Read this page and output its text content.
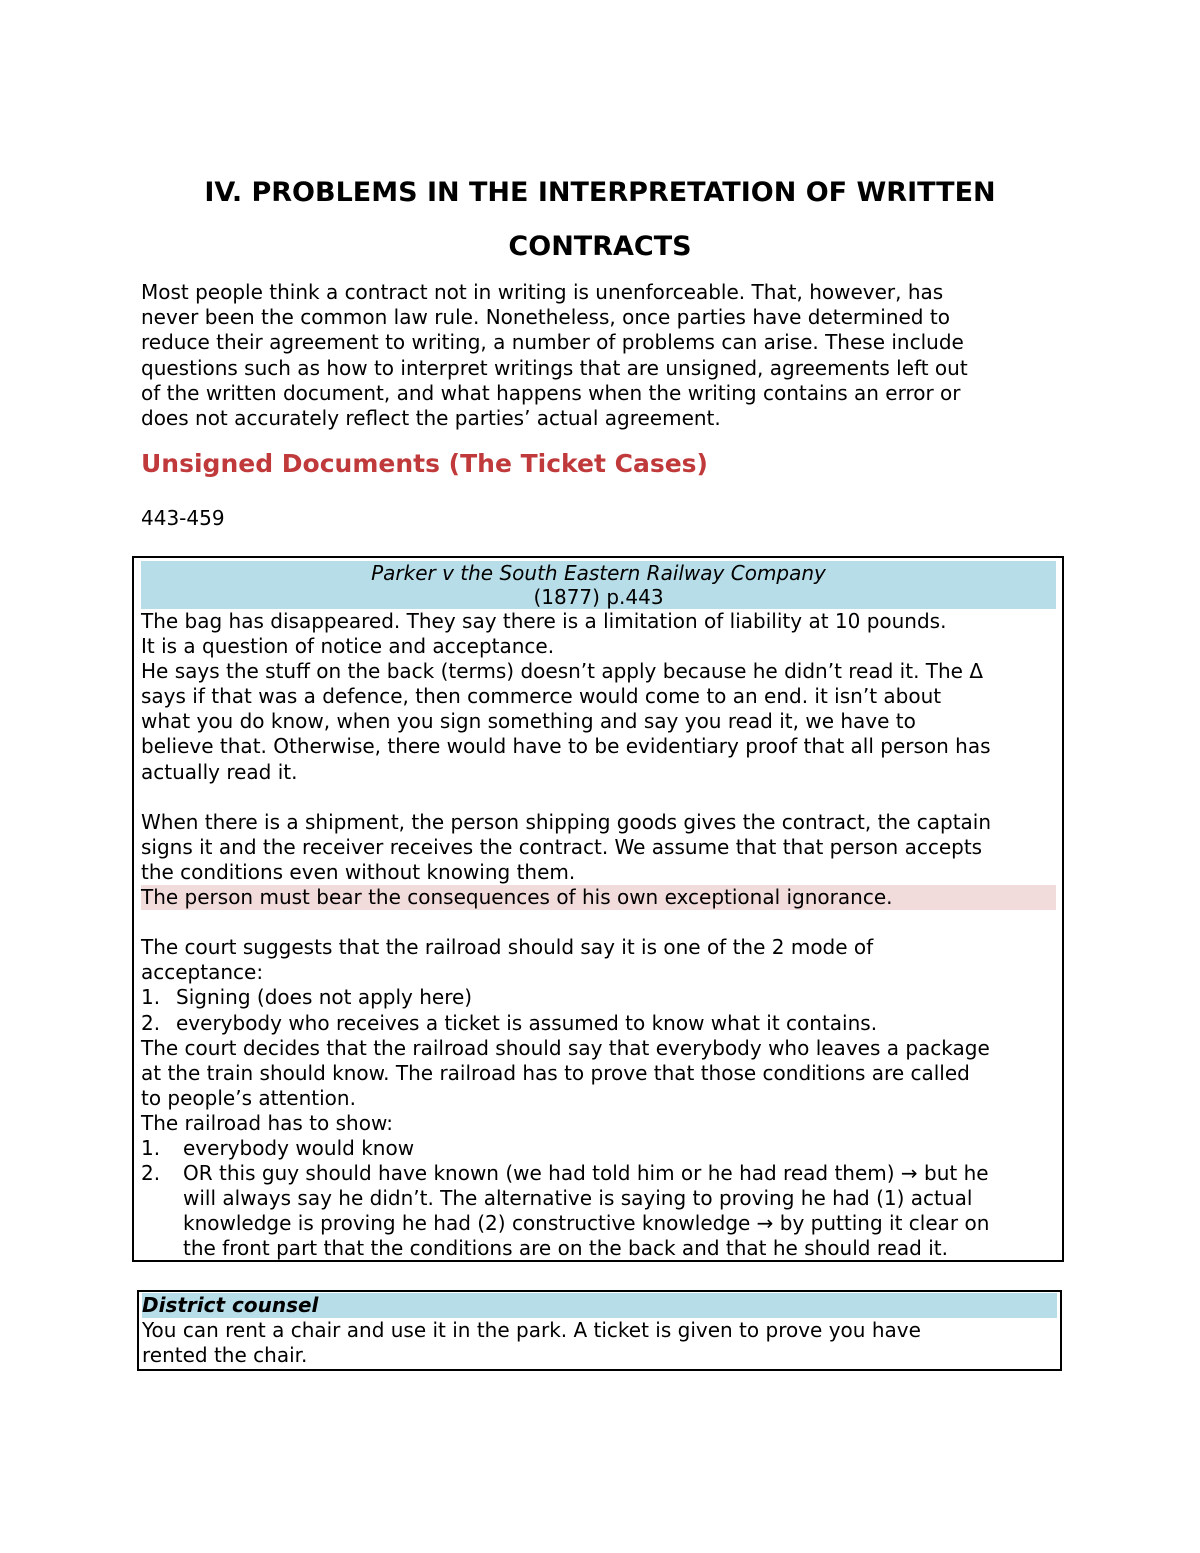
IV. PROBLEMS IN THE INTERPRETATION OF WRITTEN
CONTRACTS
Most people think a contract not in writing is unenforceable. That, however, has
never been the common law rule. Nonetheless, once parties have determined to
reduce their agreement to writing, a number of problems can arise. These include
questions such as how to interpret writings that are unsigned, agreements left out
of the written document, and what happens when the writing contains an error or
does not accurately reflect the parties’ actual agreement.
Unsigned Documents (The Ticket Cases)
443-459
Parker v the South Eastern Railway Company
(1877) p.443
The bag has disappeared. They say there is a limitation of liability at 10 pounds.
It is a question of notice and acceptance.
He says the stuff on the back (terms) doesn’t apply because he didn’t read it. The Δ
says if that was a defence, then commerce would come to an end. it isn’t about
what you do know, when you sign something and say you read it, we have to
believe that. Otherwise, there would have to be evidentiary proof that all person has
actually read it.
When there is a shipment, the person shipping goods gives the contract, the captain
signs it and the receiver receives the contract. We assume that that person accepts
the conditions even without knowing them.
The person must bear the consequences of his own exceptional ignorance.
The court suggests that the railroad should say it is one of the 2 mode of
acceptance:
1. Signing (does not apply here)
2. everybody who receives a ticket is assumed to know what it contains.
The court decides that the railroad should say that everybody who leaves a package
at the train should know. The railroad has to prove that those conditions are called
to people’s attention.
The railroad has to show:
1.	everybody would know
2.	OR this guy should have known (we had told him or he had read them) → but he
will always say he didn’t. The alternative is saying to proving he had (1) actual
knowledge is proving he had (2) constructive knowledge → by putting it clear on
the front part that the conditions are on the back and that he should read it.
District counsel
You can rent a chair and use it in the park. A ticket is given to prove you have
rented the chair.
